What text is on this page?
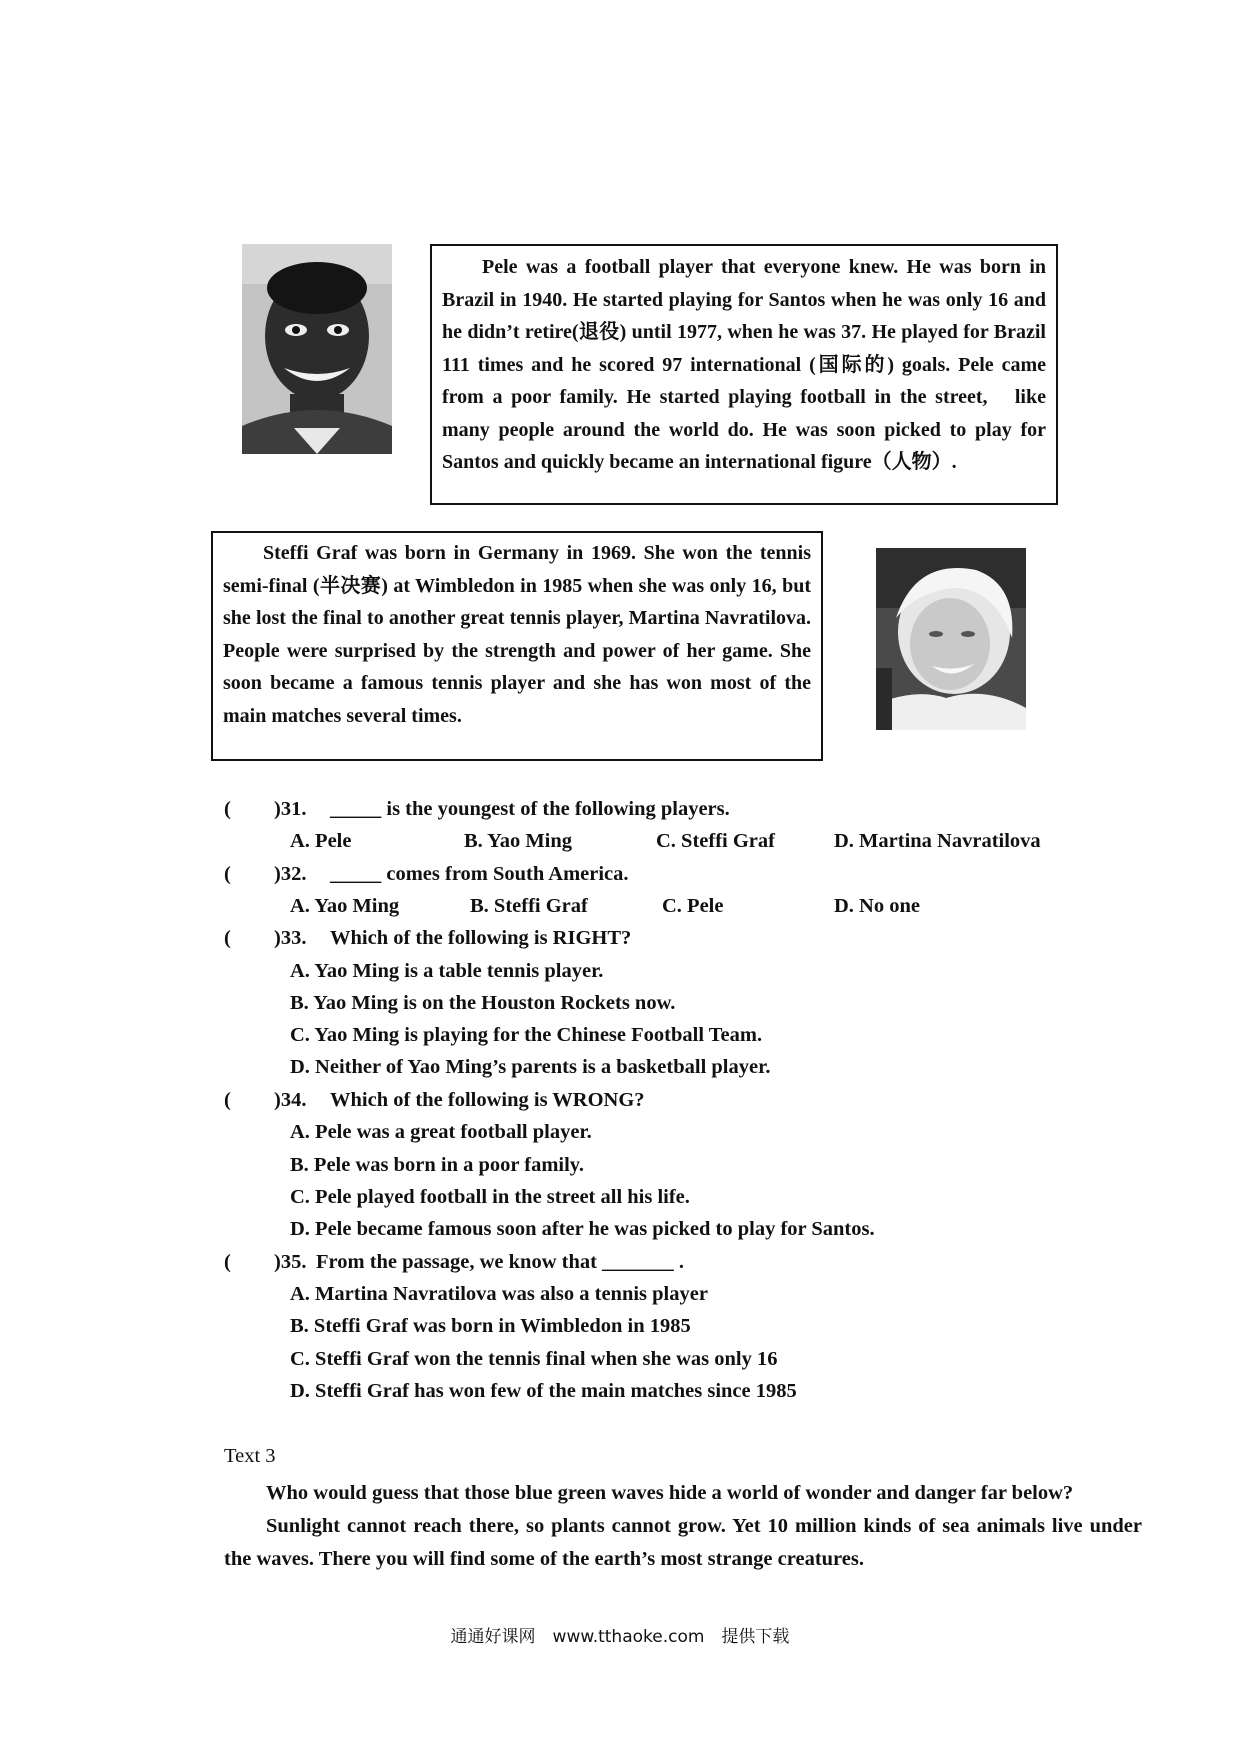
Pele was a football player that everyone knew. He was born in Brazil in 1940. He started playing for Santos when he was only 16 and he didn’t retire(退役) until 1977, when he was 37. He played for Brazil 111 times and he scored 97 international (国际的) goals. Pele came from a poor family. He started playing football in the street,　like many people around the world do. He was soon picked to play for Santos and quickly became an international figure（人物）.

Steffi Graf was born in Germany in 1969. She won the tennis semi-final (半决赛) at Wimbledon in 1985 when she was only 16, but she lost the final to another great tennis player, Martina Navratilova. People were surprised by the strength and power of her game. She soon became a famous tennis player and she has won most of the main matches several times.

( )31. _____ is the youngest of the following players.
A. Pele	B. Yao Ming	C. Steffi Graf	D. Martina Navratilova
( )32. _____ comes from South America.
A. Yao Ming	B. Steffi Graf	C. Pele	D. No one
( )33. Which of the following is RIGHT?
A. Yao Ming is a table tennis player.
B. Yao Ming is on the Houston Rockets now.
C. Yao Ming is playing for the Chinese Football Team.
D. Neither of Yao Ming’s parents is a basketball player.
( )34. Which of the following is WRONG?
A. Pele was a great football player.
B. Pele was born in a poor family.
C. Pele played football in the street all his life.
D. Pele became famous soon after he was picked to play for Santos.
( )35. From the passage, we know that _______ .
A. Martina Navratilova was also a tennis player
B. Steffi Graf was born in Wimbledon in 1985
C. Steffi Graf won the tennis final when she was only 16
D. Steffi Graf has won few of the main matches since 1985
Text 3
Who would guess that those blue green waves hide a world of wonder and danger far below?
Sunlight cannot reach there, so plants cannot grow. Yet 10 million kinds of sea animals live under the waves. There you will find some of the earth’s most strange creatures.
通通好课网　www.tthaoke.com　提供下载
